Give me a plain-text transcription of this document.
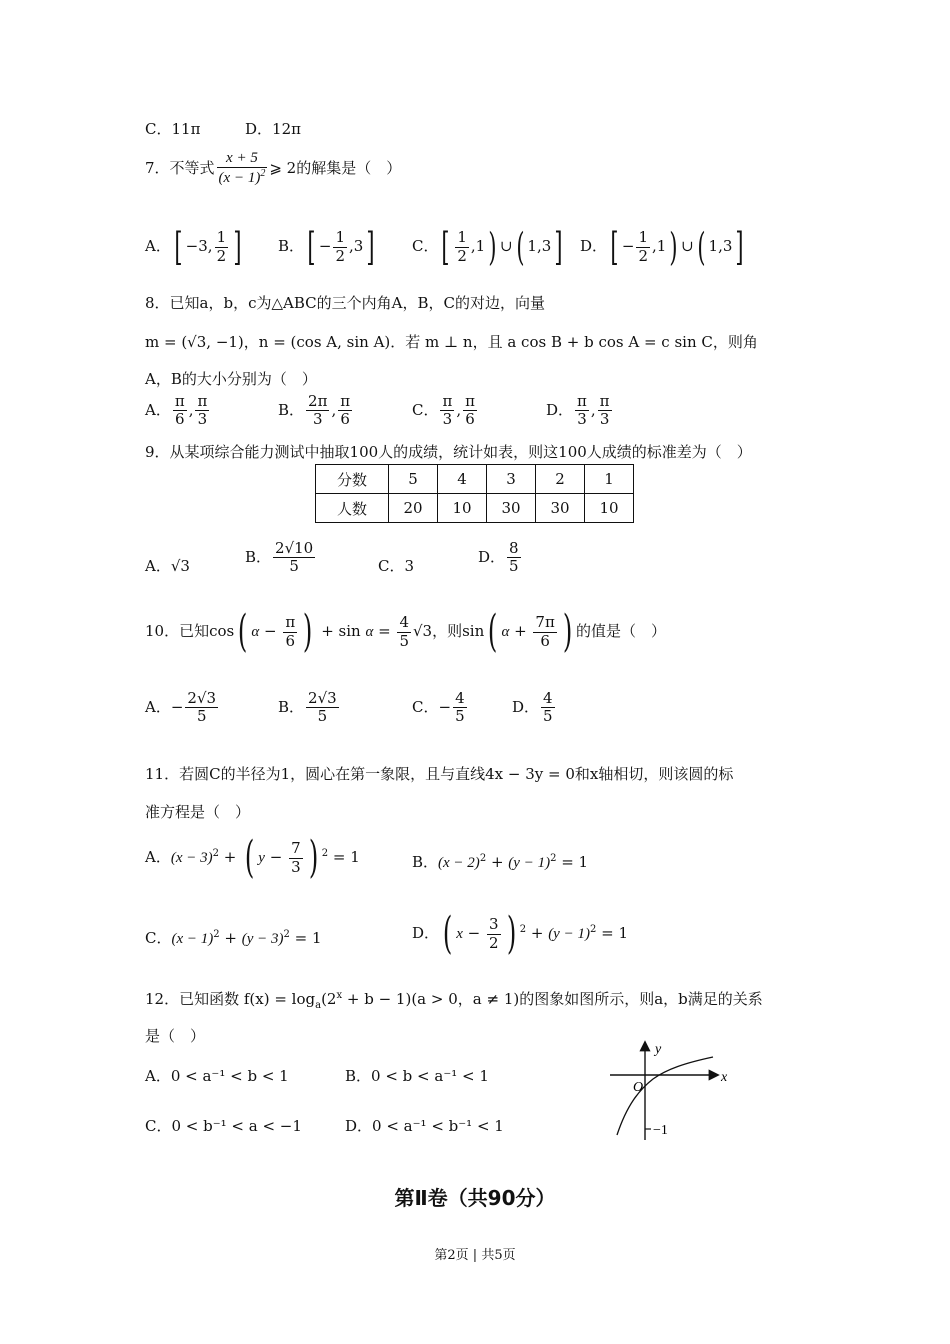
C．11π	D．12π
7．不等式 $\frac{x + 5}{(x - 1)^2}$ ⩾ 2的解集是（　）
A．[ −3, $\frac{1}{2}$ ] B．[ − $\frac{1}{2} ,3$] C．[ $\frac{1}{2} ,1$) ∪( 1,3] D．[ − $\frac{1}{2} ,1$) ∪( 1,3]
8．已知a，b，c为△ABC的三个内角A，B，C的对边，向量
m = (√3, −1)，n = (cos A, sin A)．若 m ⊥ n，且 a cos B + b cos A = c sin C，则角
A，B的大小分别为（　）
A． $\frac{\pi}{6}$ , $\frac{\pi}{3}$	B． $\frac{2\pi}{3}$ , $\frac{\pi}{6}$	C． $\frac{\pi}{3}$ , $\frac{\pi}{6}$	D． $\frac{\pi}{3}$ , $\frac{\pi}{3}$
9．从某项综合能力测试中抽取100人的成绩，统计如表，则这100人成绩的标准差为（　）
分数	5	4	3	2	1
人数	20	10	30	30	10
A．√3
B． $\frac{2√10}{5}$	C．3
D． $\frac{8}{5}$
10．已知cos( $\alpha - \frac{\pi}{6}$ ) + $\sin \alpha = \frac{4}{5} √3$，则sin( $\alpha + \frac{7\pi}{6}$ ) 的值是（　）
A．− $\frac{2√3}{5}$	B． $\frac{2√3}{5}$	C．− $\frac{4}{5}$	D． $\frac{4}{5}$
11．若圆C的半径为1，圆心在第一象限，且与直线4x − 3y = 0和x轴相切，则该圆的标
准方程是（　）
A．$(x - 3)^2$ + ( $y - \frac{7}{3}$ ) $^2$ = 1	B．$(x - 2)^2 + (y - 1)^2 = 1$
C．$(x - 1)^2 + (y - 3)^2 = 1$	D．( $x - \frac{3}{2}$ ) $^2 + (y - 1)^2 = 1$
12．已知函数 $f(x) = \log_a(2^x + b - 1)(a > 0$，a ≠ 1)的图象如图所示，则a，b满足的关系
是（　）
A．0 < a⁻¹ < b < 1	B．0 < b < a⁻¹ < 1
C．0 < b⁻¹ < a < −1	D．0 < a⁻¹ < b⁻¹ < 1
y
x
O
−1
第Ⅱ卷（共90分）
第2页 | 共5页
